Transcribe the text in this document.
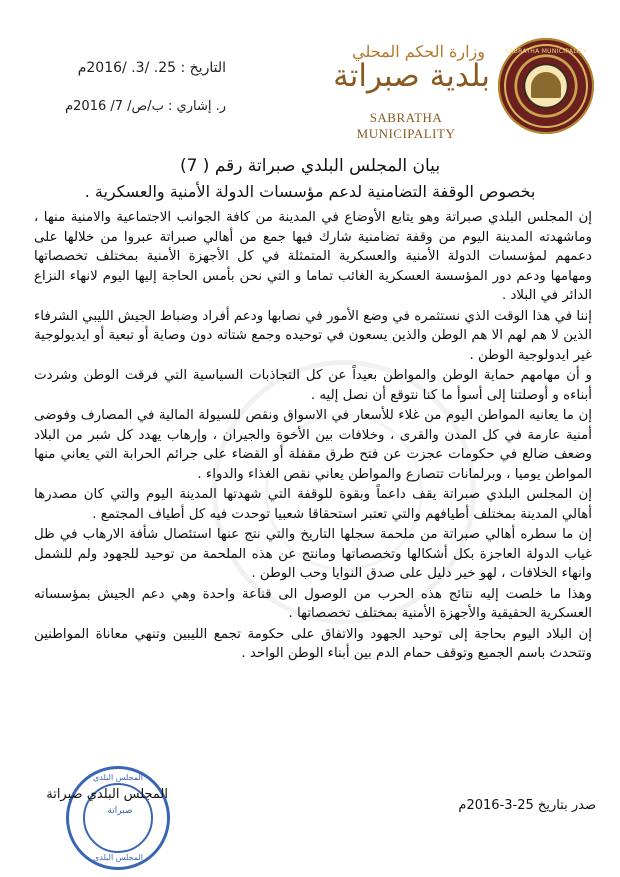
SABRATHA MUNICIPALITY
وزارة الحكم المحلي
بلدية صبراتة
SABRATHA MUNICIPALITY
التاريخ : 25. /3. /2016م
ر. إشاري : ب/ص/ 7/ 2016م
بيان المجلس البلدي صبراتة رقم ( 7)
بخصوص الوقفة التضامنية لدعم مؤسسات الدولة الأمنية والعسكرية .

إن المجلس البلدي صبراتة وهو يتابع الأوضاع في المدينة من كافة الجوانب الاجتماعية والامنية منها ، وماشهدته المدينة اليوم من وقفة تضامنية شارك فيها جمع من أهالي صبراتة عبروا من خلالها على دعمهم لمؤسسات الدولة الأمنية والعسكرية المتمثلة في كل الأجهزة الأمنية بمختلف تخصصاتها ومهامها ودعم دور المؤسسة العسكرية الغائب تماما و التي نحن بأمس الحاجة إليها اليوم لانهاء النزاع الدائر في البلاد .

إننا في هذا الوقت الذي نستثمره في وضع الأمور في نصابها ودعم أفراد وضباط الجيش الليبي الشرفاء الذين لا هم لهم الا هم الوطن والذين يسعون في توحيده وجمع شتاته دون وصاية أو تبعية أو ايديولوجية غير ايدولوجية الوطن .

و أن مهامهم حماية الوطن والمواطن بعيداً عن كل التجاذبات السياسية التي فرقت الوطن وشردت أبناءه و أوصلتنا إلى أسوأ ما كنا نتوقع أن نصل إليه .

إن ما يعانيه المواطن اليوم من غلاء للأسعار في الاسواق ونقص للسيولة المالية في المصارف وفوضى أمنية عارمة في كل المدن والقرى ، وخلافات بين الأخوة والجيران ، وإرهاب يهدد كل شبر من البلاد وضعف ضالع في حكومات عجزت عن فتح طرق مقفلة أو القضاء على جرائم الحرابة التي يعاني منها المواطن يوميا ، وبرلمانات تتصارع والمواطن يعاني نقص الغذاء والدواء .

إن المجلس البلدي صبراتة يقف داعماً وبقوة للوقفة التي شهدتها المدينة اليوم والتي كان مصدرها أهالي المدينة بمختلف أطيافهم والتي تعتبر استحقاقا شعبيا توحدت فيه كل أطياف المجتمع .

إن ما سطره أهالي صبراتة من ملحمة سجلها التاريخ والتي نتج عنها استئصال شأفة الارهاب في ظل غياب الدولة العاجزة بكل أشكالها وتخصصاتها ومانتج عن هذه الملحمة من توحيد للجهود ولم للشمل وانهاء الخلافات ، لهو خير دليل على صدق النوايا وحب الوطن .

وهذا ما خلصت إليه نتائج هذه الحرب من الوصول الى قناعة واحدة وهي دعم الجيش بمؤسساته العسكرية الحقيقية والأجهزة الأمنية بمختلف تخصصاتها .

إن البلاد اليوم بحاجة إلى توحيد الجهود والاتفاق على حكومة تجمع الليبين وتنهي معاناة المواطنين وتتحدث باسم الجميع وتوقف حمام الدم بين أبناء الوطن الواحد .

المجلس البلدي
صبراتة
المجلس البلدي
المجلس البلدي صبراتة
صدر بتاريخ 25-3-2016م
